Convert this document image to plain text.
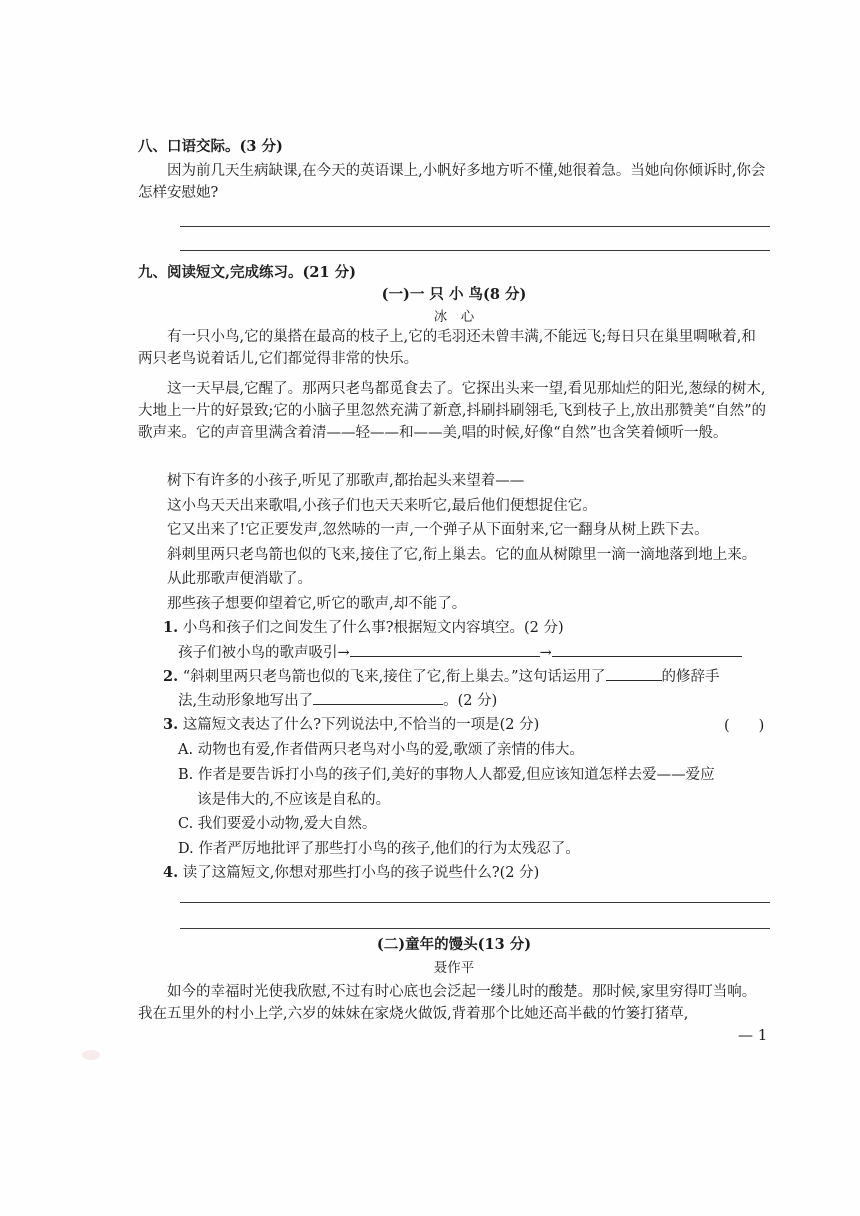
八、口语交际。(3 分)
因为前几天生病缺课,在今天的英语课上,小帆好多地方听不懂,她很着急。当她向你倾诉时,你会怎样安慰她?
九、阅读短文,完成练习。(21 分)
(一)一 只 小 鸟(8 分)
冰　心
有一只小鸟,它的巢搭在最高的枝子上,它的毛羽还未曾丰满,不能远飞;每日只在巢里啁啾着,和两只老鸟说着话儿,它们都觉得非常的快乐。
这一天早晨,它醒了。那两只老鸟都觅食去了。它探出头来一望,看见那灿烂的阳光,葱绿的树木,大地上一片的好景致;它的小脑子里忽然充满了新意,抖刷抖刷翎毛,飞到枝子上,放出那赞美“自然”的歌声来。它的声音里满含着清——轻——和——美,唱的时候,好像“自然”也含笑着倾听一般。
树下有许多的小孩子,听见了那歌声,都抬起头来望着——
这小鸟天天出来歌唱,小孩子们也天天来听它,最后他们便想捉住它。
它又出来了!它正要发声,忽然哧的一声,一个弹子从下面射来,它一翻身从树上跌下去。
斜刺里两只老鸟箭也似的飞来,接住了它,衔上巢去。它的血从树隙里一滴一滴地落到地上来。
从此那歌声便消歇了。
那些孩子想要仰望着它,听它的歌声,却不能了。
1. 小鸟和孩子们之间发生了什么事?根据短文内容填空。(2 分)
孩子们被小鸟的歌声吸引→	→
2. “斜刺里两只老鸟箭也似的飞来,接住了它,衔上巢去。”这句话运用了	的修辞手
法,生动形象地写出了	。(2 分)
3. 这篇短文表达了什么?下列说法中,不恰当的一项是(2 分)	(　　)
A. 动物也有爱,作者借两只老鸟对小鸟的爱,歌颂了亲情的伟大。
B. 作者是要告诉打小鸟的孩子们,美好的事物人人都爱,但应该知道怎样去爱——爱应
该是伟大的,不应该是自私的。
C. 我们要爱小动物,爱大自然。
D. 作者严厉地批评了那些打小鸟的孩子,他们的行为太残忍了。
4. 读了这篇短文,你想对那些打小鸟的孩子说些什么?(2 分)
(二)童年的馒头(13 分)
聂作平
如今的幸福时光使我欣慰,不过有时心底也会泛起一缕儿时的酸楚。那时候,家里穷得叮当响。我在五里外的村小上学,六岁的妹妹在家烧火做饭,背着那个比她还高半截的竹篓打猪草,
— 1
